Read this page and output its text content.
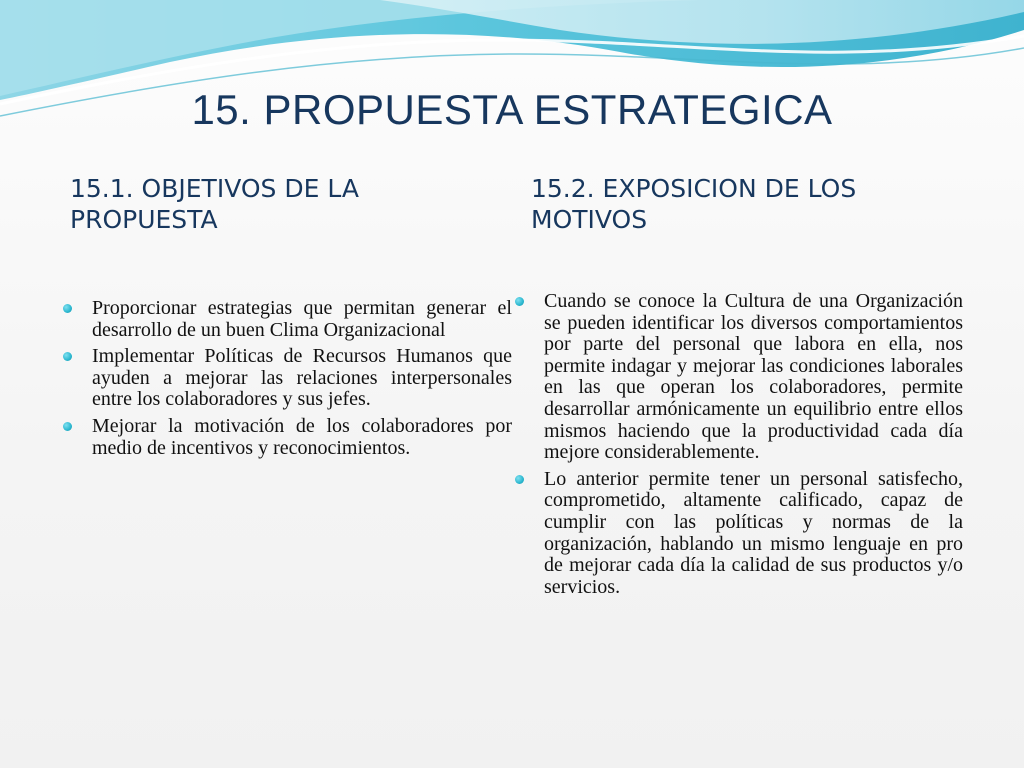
15. PROPUESTA ESTRATEGICA
15.1. OBJETIVOS DE LA PROPUESTA
15.2. EXPOSICION DE LOS MOTIVOS
Proporcionar estrategias que permitan generar el desarrollo de un buen Clima Organizacional
Implementar Políticas de Recursos Humanos que ayuden a mejorar las relaciones interpersonales entre los colaboradores y sus jefes.
Mejorar la motivación de los colaboradores por medio de incentivos y reconocimientos.
Cuando se conoce la Cultura de una Organización se pueden identificar los diversos comportamientos por parte del personal que labora en ella, nos permite indagar y mejorar las condiciones laborales en las que operan los colaboradores, permite desarrollar armónicamente un equilibrio entre ellos mismos haciendo que la productividad cada día mejore considerablemente.
Lo anterior permite tener un personal satisfecho, comprometido, altamente calificado, capaz de cumplir con las políticas y normas de la organización, hablando un mismo lenguaje en pro de mejorar cada día la calidad de sus productos y/o servicios.
